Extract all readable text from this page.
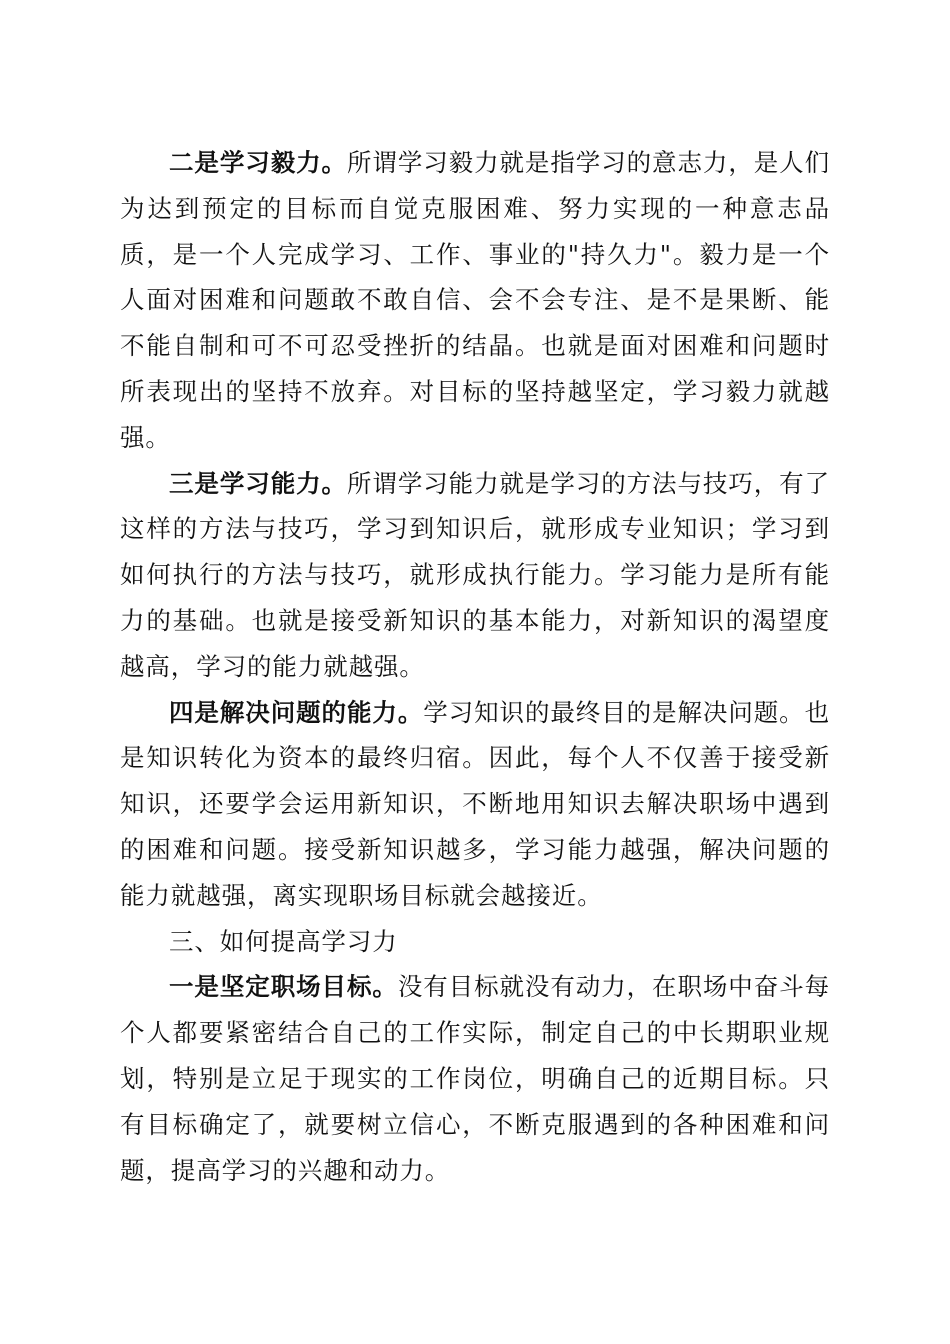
二是学习毅力。所谓学习毅力就是指学习的意志力，是人们为达到预定的目标而自觉克服困难、努力实现的一种意志品质，是一个人完成学习、工作、事业的"持久力"。毅力是一个人面对困难和问题敢不敢自信、会不会专注、是不是果断、能不能自制和可不可忍受挫折的结晶。也就是面对困难和问题时所表现出的坚持不放弃。对目标的坚持越坚定，学习毅力就越强。

三是学习能力。所谓学习能力就是学习的方法与技巧，有了这样的方法与技巧，学习到知识后，就形成专业知识；学习到如何执行的方法与技巧，就形成执行能力。学习能力是所有能力的基础。也就是接受新知识的基本能力，对新知识的渴望度越高，学习的能力就越强。

四是解决问题的能力。学习知识的最终目的是解决问题。也是知识转化为资本的最终归宿。因此，每个人不仅善于接受新知识，还要学会运用新知识，不断地用知识去解决职场中遇到的困难和问题。接受新知识越多，学习能力越强，解决问题的能力就越强，离实现职场目标就会越接近。

三、如何提高学习力

一是坚定职场目标。没有目标就没有动力，在职场中奋斗每个人都要紧密结合自己的工作实际，制定自己的中长期职业规划，特别是立足于现实的工作岗位，明确自己的近期目标。只有目标确定了，就要树立信心，不断克服遇到的各种困难和问题，提高学习的兴趣和动力。
